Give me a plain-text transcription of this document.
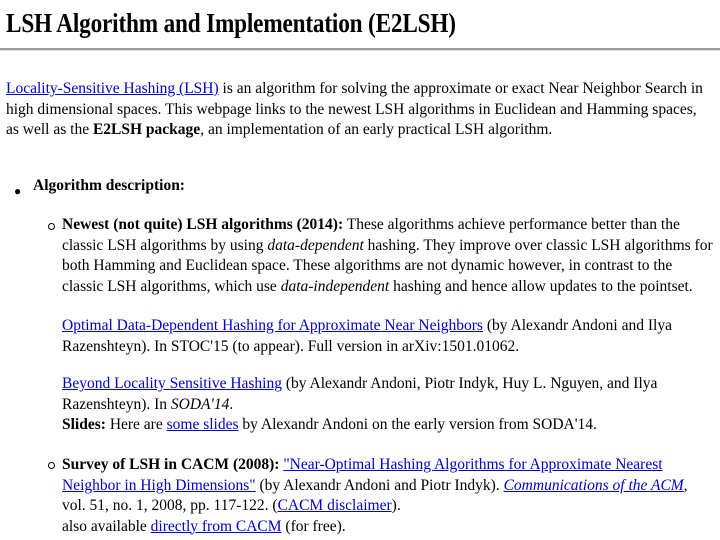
LSH Algorithm and Implementation (E2LSH)
Locality-Sensitive Hashing (LSH) is an algorithm for solving the approximate or exact Near Neighbor Search in high dimensional spaces. This webpage links to the newest LSH algorithms in Euclidean and Hamming spaces, as well as the E2LSH package, an implementation of an early practical LSH algorithm.
● Algorithm description:
Newest (not quite) LSH algorithms (2014): These algorithms achieve performance better than the classic LSH algorithms by using data-dependent hashing. They improve over classic LSH algorithms for both Hamming and Euclidean space. These algorithms are not dynamic however, in contrast to the classic LSH algorithms, which use data-independent hashing and hence allow updates to the pointset.
Optimal Data-Dependent Hashing for Approximate Near Neighbors (by Alexandr Andoni and Ilya Razenshteyn). In STOC'15 (to appear). Full version in arXiv:1501.01062.
Beyond Locality Sensitive Hashing (by Alexandr Andoni, Piotr Indyk, Huy L. Nguyen, and Ilya Razenshteyn). In SODA'14.
Slides: Here are some slides by Alexandr Andoni on the early version from SODA'14.
Survey of LSH in CACM (2008): "Near-Optimal Hashing Algorithms for Approximate Nearest Neighbor in High Dimensions" (by Alexandr Andoni and Piotr Indyk). Communications of the ACM, vol. 51, no. 1, 2008, pp. 117-122. (CACM disclaimer).
also available directly from CACM (for free).
